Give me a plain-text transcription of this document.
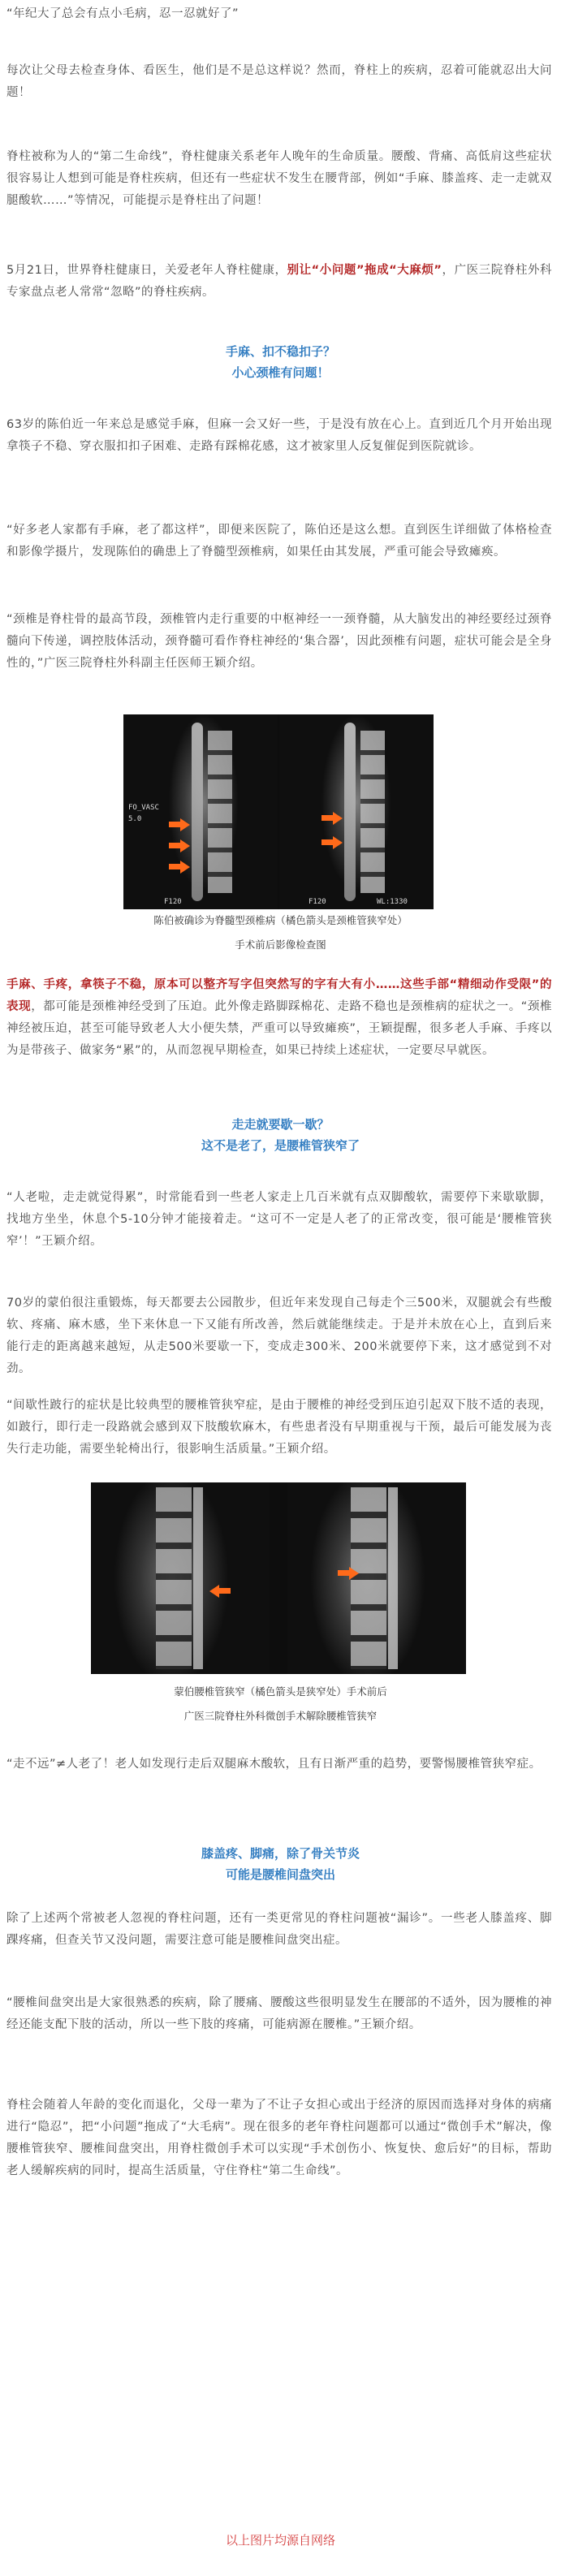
“年纪大了总会有点小毛病，忍一忍就好了”

每次让父母去检查身体、看医生，他们是不是总这样说？然而，脊柱上的疾病，忍着可能就忍出大问题！

脊柱被称为人的“第二生命线”，脊柱健康关系老年人晚年的生命质量。腰酸、背痛、高低肩这些症状很容易让人想到可能是脊柱疾病，但还有一些症状不发生在腰背部，例如“手麻、膝盖疼、走一走就双腿酸软……”等情况，可能提示是脊柱出了问题！

5月21日，世界脊柱健康日，关爱老年人脊柱健康，别让“小问题”拖成“大麻烦”，广医三院脊柱外科专家盘点老人常常“忽略”的脊柱疾病。

手麻、扣不稳扣子？
小心颈椎有问题！

63岁的陈伯近一年来总是感觉手麻，但麻一会又好一些，于是没有放在心上。直到近几个月开始出现拿筷子不稳、穿衣服扣扣子困难、走路有踩棉花感，这才被家里人反复催促到医院就诊。

“好多老人家都有手麻，老了都这样”，即便来医院了，陈伯还是这么想。直到医生详细做了体格检查和影像学摄片，发现陈伯的确患上了脊髓型颈椎病，如果任由其发展，严重可能会导致瘫痪。

“颈椎是脊柱骨的最高节段，颈椎管内走行重要的中枢神经一一颈脊髓，从大脑发出的神经要经过颈脊髓向下传递，调控肢体活动，颈脊髓可看作脊柱神经的‘集合器’，因此颈椎有问题，症状可能会是全身性的，”广医三院脊柱外科副主任医师王颖介绍。

FO_VASC
5.0
F120	F120	WL:1330
陈伯被确诊为脊髓型颈椎病（橘色箭头是颈椎管狭窄处）
手术前后影像检查图

手麻、手疼，拿筷子不稳，原本可以整齐写字但突然写的字有大有小……这些手部“精细动作受限”的表现，都可能是颈椎神经受到了压迫。此外像走路脚踩棉花、走路不稳也是颈椎病的症状之一。“颈椎神经被压迫，甚至可能导致老人大小便失禁，严重可以导致瘫痪”，王颖提醒，很多老人手麻、手疼以为是带孩子、做家务“累”的，从而忽视早期检查，如果已持续上述症状，一定要尽早就医。

走走就要歇一歇？
这不是老了，是腰椎管狭窄了

“人老啦，走走就觉得累”，时常能看到一些老人家走上几百米就有点双脚酸软，需要停下来歇歇脚，找地方坐坐，休息个5-10分钟才能接着走。“这可不一定是人老了的正常改变，很可能是‘腰椎管狭窄’！”王颖介绍。

70岁的蒙伯很注重锻炼，每天都要去公园散步，但近年来发现自己每走个三500米，双腿就会有些酸软、疼痛、麻木感，坐下来休息一下又能有所改善，然后就能继续走。于是并未放在心上，直到后来能行走的距离越来越短，从走500米要歇一下，变成走300米、200米就要停下来，这才感觉到不对劲。

“间歇性跛行的症状是比较典型的腰椎管狭窄症，是由于腰椎的神经受到压迫引起双下肢不适的表现，如跛行，即行走一段路就会感到双下肢酸软麻木，有些患者没有早期重视与干预，最后可能发展为丧失行走功能，需要坐轮椅出行，很影响生活质量。”王颖介绍。

蒙伯腰椎管狭窄（橘色箭头是狭窄处）手术前后
广医三院脊柱外科微创手术解除腰椎管狭窄

“走不远”≠人老了！老人如发现行走后双腿麻木酸软，且有日渐严重的趋势，要警惕腰椎管狭窄症。

膝盖疼、脚痛，除了骨关节炎
可能是腰椎间盘突出

除了上述两个常被老人忽视的脊柱问题，还有一类更常见的脊柱问题被“漏诊”。一些老人膝盖疼、脚踝疼痛，但查关节又没问题，需要注意可能是腰椎间盘突出症。

“腰椎间盘突出是大家很熟悉的疾病，除了腰痛、腰酸这些很明显发生在腰部的不适外，因为腰椎的神经还能支配下肢的活动，所以一些下肢的疼痛，可能病源在腰椎。”王颖介绍。

脊柱会随着人年龄的变化而退化，父母一辈为了不让子女担心或出于经济的原因而选择对身体的病痛进行“隐忍”，把“小问题”拖成了“大毛病”。现在很多的老年脊柱问题都可以通过“微创手术”解决，像腰椎管狭窄、腰椎间盘突出，用脊柱微创手术可以实现“手术创伤小、恢复快、愈后好”的目标，帮助老人缓解疾病的同时，提高生活质量，守住脊柱“第二生命线”。

以上图片均源自网络
